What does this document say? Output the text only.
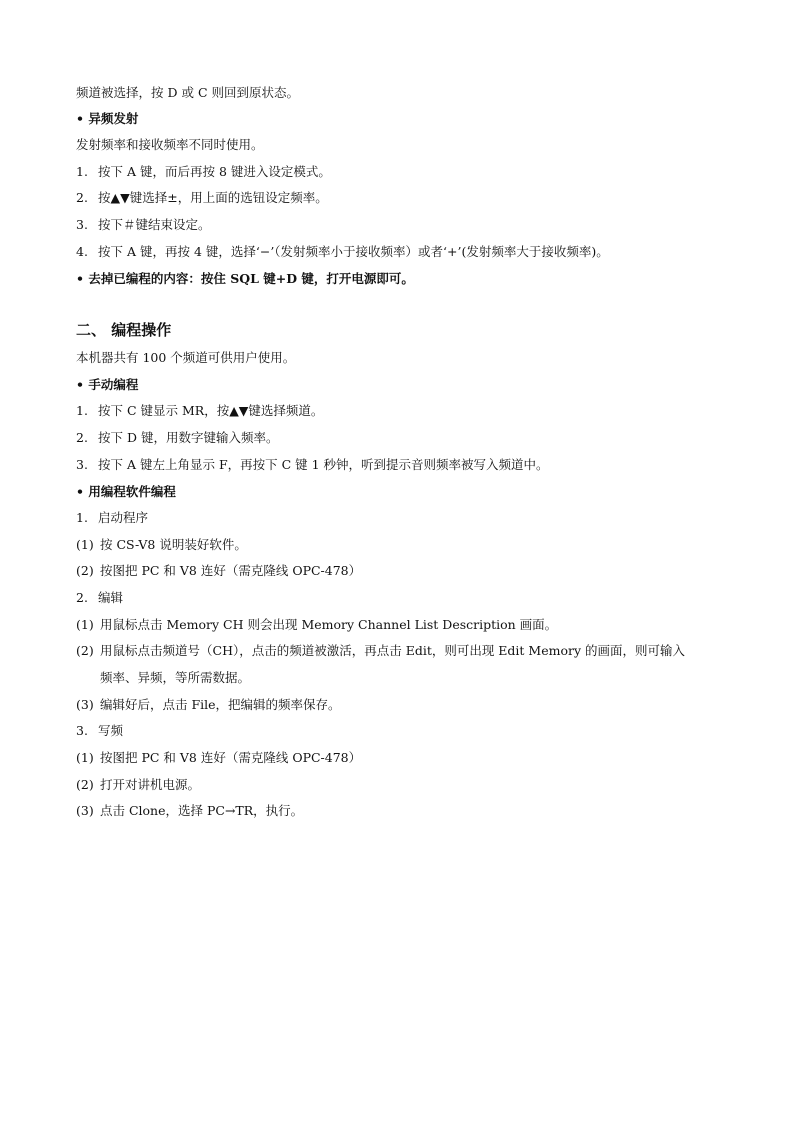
频道被选择，按 D 或 C 则回到原状态。
• 异频发射
发射频率和接收频率不同时使用。
1. 按下 A 键，而后再按 8 键进入设定模式。
2. 按▲▼键选择±，用上面的选钮设定频率。
3. 按下＃键结束设定。
4. 按下 A 键，再按 4 键，选择‘−’（发射频率小于接收频率）或者‘+’(发射频率大于接收频率)。
• 去掉已编程的内容：按住 SQL 键+D 键，打开电源即可。
二、 编程操作
本机器共有 100 个频道可供用户使用。
• 手动编程
1. 按下 C 键显示 MR，按▲▼键选择频道。
2. 按下 D 键，用数字键输入频率。
3. 按下 A 键左上角显示 F，再按下 C 键 1 秒钟，听到提示音则频率被写入频道中。
• 用编程软件编程
1. 启动程序
(1) 按 CS-V8 说明装好软件。
(2) 按图把 PC 和 V8 连好（需克隆线 OPC-478）
2. 编辑
(1) 用鼠标点击 Memory CH 则会出现 Memory Channel List Description 画面。
(2) 用鼠标点击频道号（CH），点击的频道被激活，再点击 Edit，则可出现 Edit Memory 的画面，则可输入
频率、异频，等所需数据。
(3) 编辑好后，点击 File，把编辑的频率保存。
3. 写频
(1) 按图把 PC 和 V8 连好（需克隆线 OPC-478）
(2) 打开对讲机电源。
(3) 点击 Clone，选择 PC→TR，执行。
